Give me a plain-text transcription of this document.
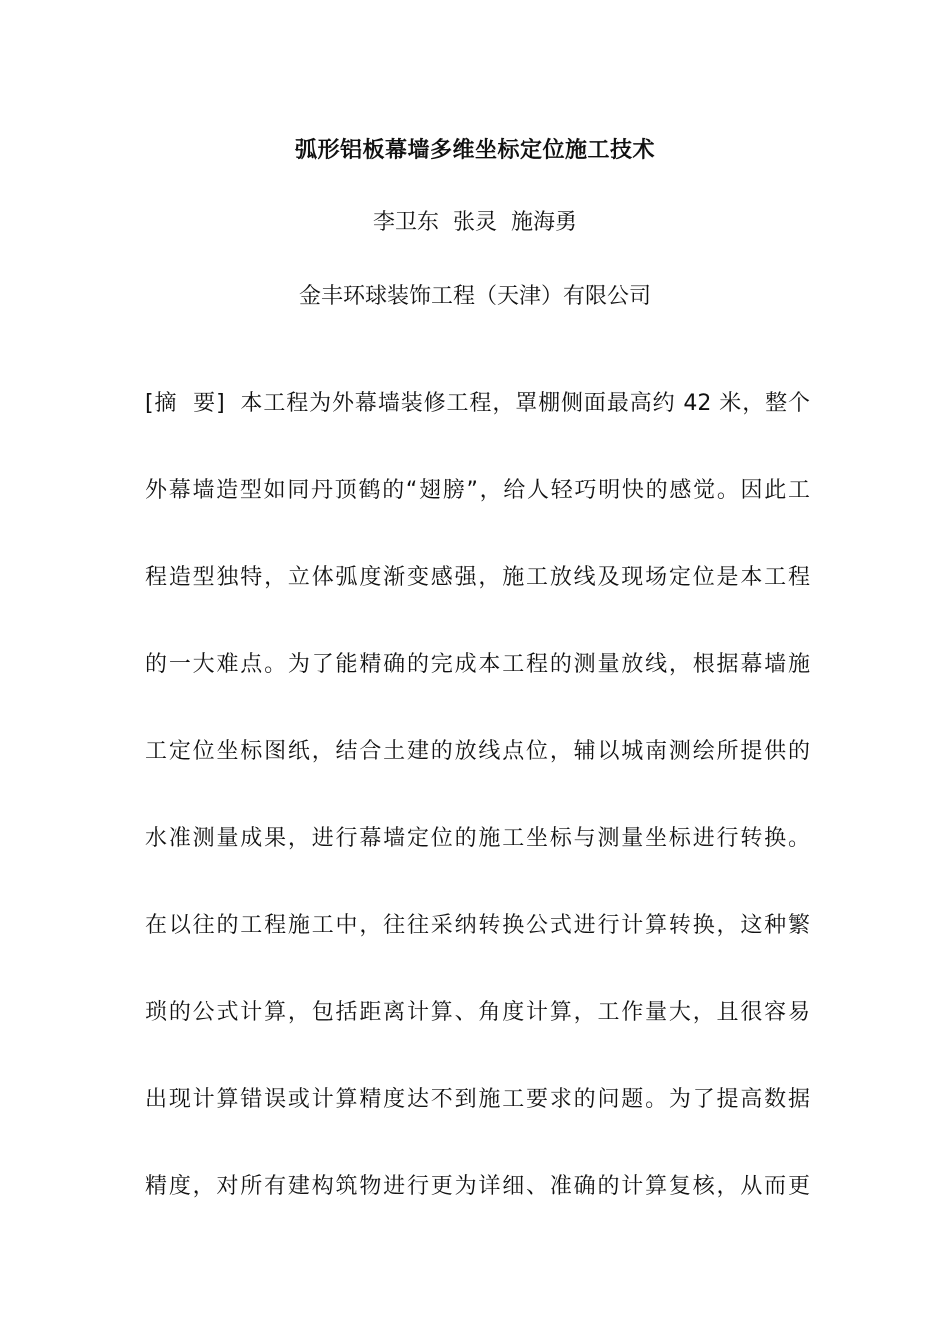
弧形铝板幕墙多维坐标定位施工技术
李卫东  张灵  施海勇
金丰环球装饰工程（天津）有限公司
[摘  要]  本工程为外幕墙装修工程，罩棚侧面最高约 42 米，整个
外幕墙造型如同丹顶鹤的“翅膀”，给人轻巧明快的感觉。因此工
程造型独特，立体弧度渐变感强，施工放线及现场定位是本工程
的一大难点。为了能精确的完成本工程的测量放线，根据幕墙施
工定位坐标图纸，结合土建的放线点位，辅以城南测绘所提供的
水准测量成果，进行幕墙定位的施工坐标与测量坐标进行转换。
在以往的工程施工中，往往采纳转换公式进行计算转换，这种繁
琐的公式计算，包括距离计算、角度计算，工作量大，且很容易
出现计算错误或计算精度达不到施工要求的问题。为了提高数据
精度，对所有建构筑物进行更为详细、准确的计算复核，从而更
